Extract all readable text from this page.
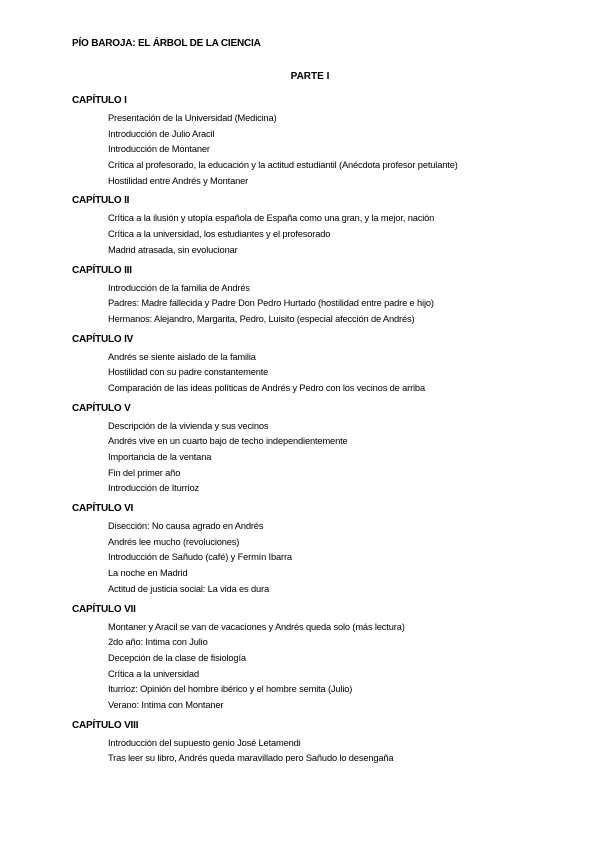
PÍO BAROJA: EL ÁRBOL DE LA CIENCIA
PARTE I
CAPÍTULO I
Presentación de la Universidad (Medicina)
Introducción de Julio Aracil
Introducción de Montaner
Crítica al profesorado, la educación y la actitud estudiantil (Anécdota profesor petulante)
Hostilidad entre Andrés y Montaner
CAPÍTULO II
Crítica a la ilusión y utopía española de España como una gran, y la mejor, nación
Crítica a la universidad, los estudiantes y el profesorado
Madrid atrasada, sin evolucionar
CAPÍTULO III
Introducción de la familia de Andrés
Padres: Madre fallecida y Padre Don Pedro Hurtado (hostilidad entre padre e hijo)
Hermanos: Alejandro, Margarita, Pedro, Luisito (especial afección de Andrés)
CAPÍTULO IV
Andrés se siente aislado de la familia
Hostilidad con su padre constantemente
Comparación de las ideas políticas de Andrés y Pedro con los vecinos de arriba
CAPÍTULO V
Descripción de la vivienda y sus vecinos
Andrés vive en un cuarto bajo de techo independientemente
Importancia de la ventana
Fin del primer año
Introducción de Iturrioz
CAPÍTULO VI
Disección: No causa agrado en Andrés
Andrés lee mucho (revoluciones)
Introducción de Sañudo (café) y Fermín Ibarra
La noche en Madrid
Actitud de justicia social: La vida es dura
CAPÍTULO VII
Montaner y Aracil se van de vacaciones y Andrés queda solo (más lectura)
2do año: Intima con Julio
Decepción de la clase de fisiología
Crítica a la universidad
Iturrioz: Opinión del hombre ibérico y el hombre semita (Julio)
Verano: Intima con Montaner
CAPÍTULO VIII
Introducción del supuesto genio José Letamendi
Tras leer su libro, Andrés queda maravillado pero Sañudo lo desengaña
